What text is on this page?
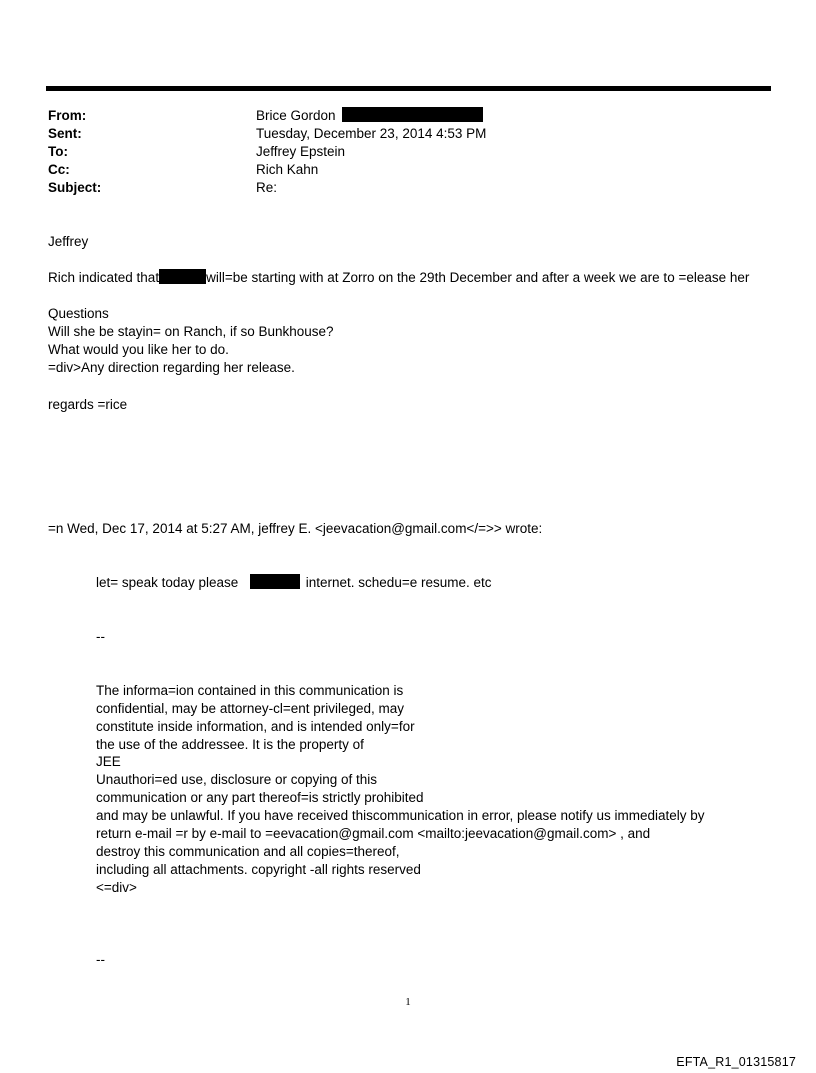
From:	Brice Gordon
Sent:	Tuesday, December 23, 2014 4:53 PM
To:	Jeffrey Epstein
Cc:	Rich Kahn
Subject:	Re:
Jeffrey
Rich indicated that	will=be starting with at Zorro on the 29th December and after a week we are to =elease her
Questions
Will she be stayin= on Ranch, if so Bunkhouse?
What would you like her to do.
=div>Any direction regarding her release.
regards =rice
=n Wed, Dec 17, 2014 at 5:27 AM, jeffrey E. <jeevacation@gmail.com</=>> wrote:
let= speak today please	internet. schedu=e resume. etc
--
The informa=ion contained in this communication is
confidential, may be attorney-cl=ent privileged, may
constitute inside information, and is intended only=for
the use of the addressee. It is the property of
JEE
Unauthori=ed use, disclosure or copying of this
communication or any part thereof=is strictly prohibited
and may be unlawful. If you have received thiscommunication in error, please notify us immediately by
return e-mail =r by e-mail to =eevacation@gmail.com <mailto:jeevacation@gmail.com> , and
destroy this communication and all copies=thereof,
including all attachments. copyright -all rights reserved
<=div>
--
1
EFTA_R1_01315817
